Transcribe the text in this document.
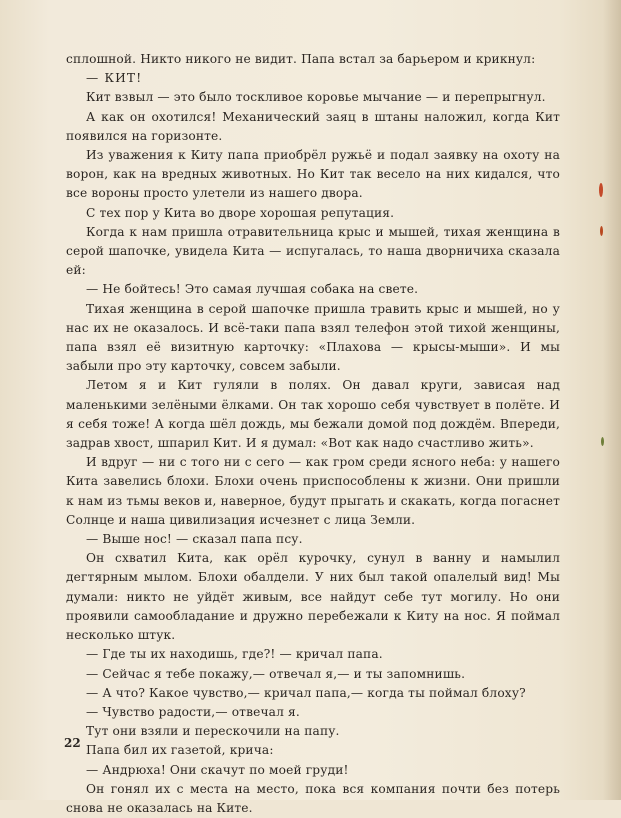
сплошной. Никто никого не видит. Папа встал за барьером и крикнул:

— КИТ!

Кит взвыл — это было тоскливое коровье мычание — и перепрыгнул.

А как он охотился! Механический заяц в штаны наложил, когда Кит появился на горизонте.

Из уважения к Киту папа приобрёл ружьё и подал заявку на охоту на ворон, как на вредных животных. Но Кит так весело на них кидался, что все вороны просто улетели из нашего двора.

С тех пор у Кита во дворе хорошая репутация.

Когда к нам пришла отравительница крыс и мышей, тихая женщина в серой шапочке, увидела Кита — испугалась, то наша дворничиха сказала ей:

— Не бойтесь! Это самая лучшая собака на свете.

Тихая женщина в серой шапочке пришла травить крыс и мышей, но у нас их не оказалось. И всё-таки папа взял телефон этой тихой женщины, папа взял её визитную карточку: «Плахова — крысы-мыши». И мы забыли про эту карточку, совсем забыли.

Летом я и Кит гуляли в полях. Он давал круги, зависая над маленькими зелёными ёлками. Он так хорошо себя чувствует в полёте. И я себя тоже! А когда шёл дождь, мы бежали домой под дождём. Впереди, задрав хвост, шпарил Кит. И я думал: «Вот как надо счастливо жить».

И вдруг — ни с того ни с сего — как гром среди ясного неба: у нашего Кита завелись блохи. Блохи очень приспособлены к жизни. Они пришли к нам из тьмы веков и, наверное, будут прыгать и скакать, когда погаснет Солнце и наша цивилизация исчезнет с лица Земли.

— Выше нос! — сказал папа псу.

Он схватил Кита, как орёл курочку, сунул в ванну и намылил дегтярным мылом. Блохи обалдели. У них был такой опалелый вид! Мы думали: никто не уйдёт живым, все найдут себе тут могилу. Но они проявили самообладание и дружно перебежали к Киту на нос. Я поймал несколько штук.

— Где ты их находишь, где?! — кричал папа.

— Сейчас я тебе покажу,— отвечал я,— и ты запомнишь.

— А что? Какое чувство,— кричал папа,— когда ты поймал блоху?

— Чувство радости,— отвечал я.

Тут они взяли и перескочили на папу.

Папа бил их газетой, крича:

— Андрюха! Они скачут по моей груди!

Он гонял их с места на место, пока вся компания почти без потерь снова не оказалась на Ките.

22
